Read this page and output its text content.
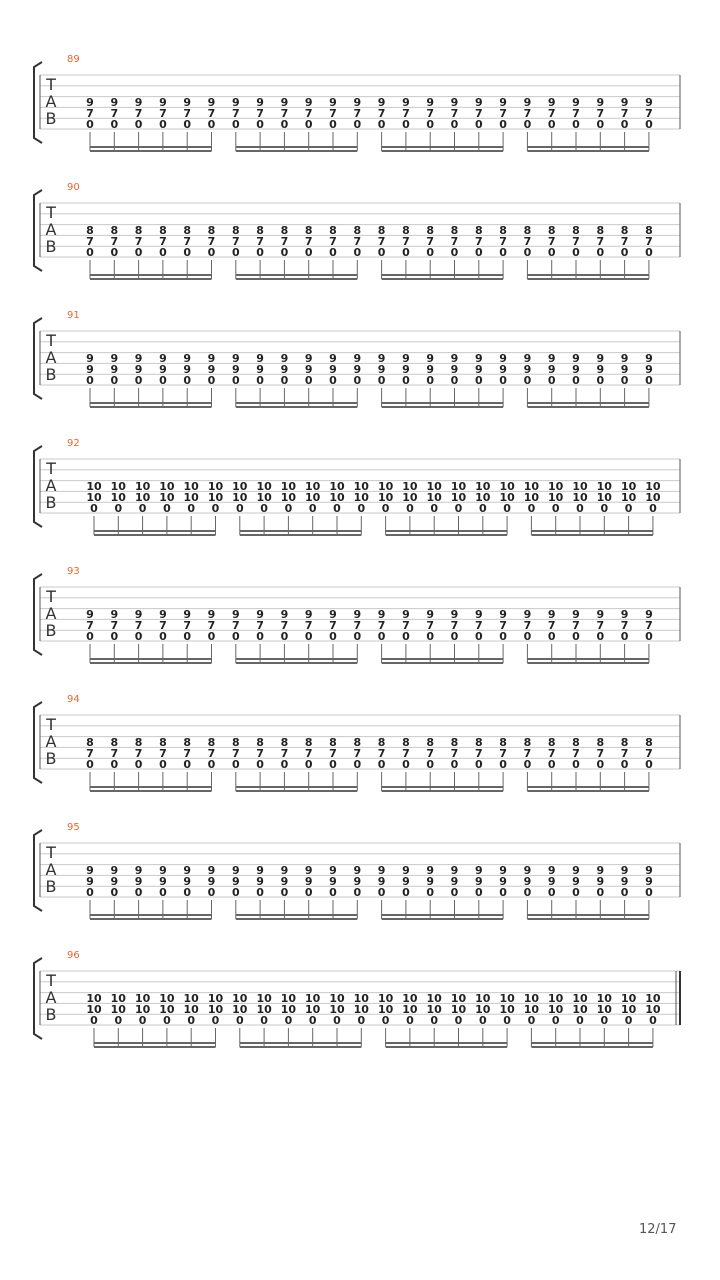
89
T
A
B
9
7
0
9
7
0
9
7
0
9
7
0
9
7
0
9
7
0
9
7
0
9
7
0
9
7
0
9
7
0
9
7
0
9
7
0
9
7
0
9
7
0
9
7
0
9
7
0
9
7
0
9
7
0
9
7
0
9
7
0
9
7
0
9
7
0
9
7
0
9
7
0
90
T
A
B
8
7
0
8
7
0
8
7
0
8
7
0
8
7
0
8
7
0
8
7
0
8
7
0
8
7
0
8
7
0
8
7
0
8
7
0
8
7
0
8
7
0
8
7
0
8
7
0
8
7
0
8
7
0
8
7
0
8
7
0
8
7
0
8
7
0
8
7
0
8
7
0
91
T
A
B
9
9
0
9
9
0
9
9
0
9
9
0
9
9
0
9
9
0
9
9
0
9
9
0
9
9
0
9
9
0
9
9
0
9
9
0
9
9
0
9
9
0
9
9
0
9
9
0
9
9
0
9
9
0
9
9
0
9
9
0
9
9
0
9
9
0
9
9
0
9
9
0
92
T
A
B
10
10
0
10
10
0
10
10
0
10
10
0
10
10
0
10
10
0
10
10
0
10
10
0
10
10
0
10
10
0
10
10
0
10
10
0
10
10
0
10
10
0
10
10
0
10
10
0
10
10
0
10
10
0
10
10
0
10
10
0
10
10
0
10
10
0
10
10
0
10
10
0
93
T
A
B
9
7
0
9
7
0
9
7
0
9
7
0
9
7
0
9
7
0
9
7
0
9
7
0
9
7
0
9
7
0
9
7
0
9
7
0
9
7
0
9
7
0
9
7
0
9
7
0
9
7
0
9
7
0
9
7
0
9
7
0
9
7
0
9
7
0
9
7
0
9
7
0
94
T
A
B
8
7
0
8
7
0
8
7
0
8
7
0
8
7
0
8
7
0
8
7
0
8
7
0
8
7
0
8
7
0
8
7
0
8
7
0
8
7
0
8
7
0
8
7
0
8
7
0
8
7
0
8
7
0
8
7
0
8
7
0
8
7
0
8
7
0
8
7
0
8
7
0
95
T
A
B
9
9
0
9
9
0
9
9
0
9
9
0
9
9
0
9
9
0
9
9
0
9
9
0
9
9
0
9
9
0
9
9
0
9
9
0
9
9
0
9
9
0
9
9
0
9
9
0
9
9
0
9
9
0
9
9
0
9
9
0
9
9
0
9
9
0
9
9
0
9
9
0
96
T
A
B
10
10
0
10
10
0
10
10
0
10
10
0
10
10
0
10
10
0
10
10
0
10
10
0
10
10
0
10
10
0
10
10
0
10
10
0
10
10
0
10
10
0
10
10
0
10
10
0
10
10
0
10
10
0
10
10
0
10
10
0
10
10
0
10
10
0
10
10
0
10
10
0
12/17
